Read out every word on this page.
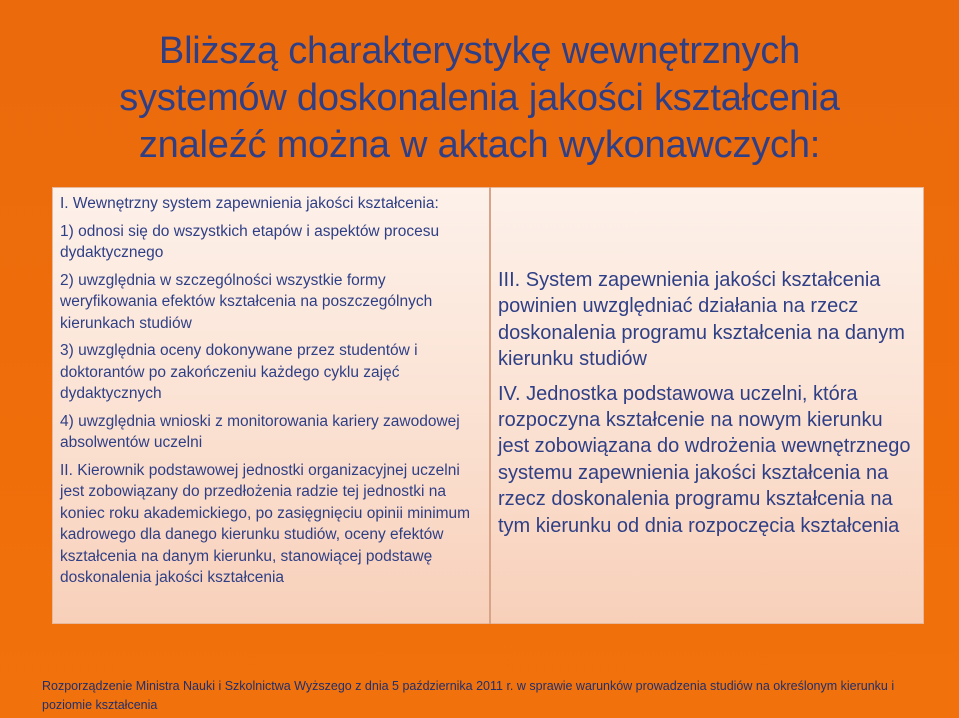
Bliższą charakterystykę wewnętrznych
systemów doskonalenia jakości kształcenia
znaleźć można w aktach wykonawczych:

I. Wewnętrzny system zapewnienia jakości kształcenia:

1) odnosi się do wszystkich etapów i aspektów procesu dydaktycznego

2) uwzględnia w szczególności wszystkie formy weryfikowania efektów kształcenia na poszczególnych kierunkach studiów

3) uwzględnia oceny dokonywane przez studentów i doktorantów po zakończeniu każdego cyklu zajęć dydaktycznych

4) uwzględnia wnioski z monitorowania kariery zawodowej absolwentów uczelni

II. Kierownik podstawowej jednostki organizacyjnej uczelni jest zobowiązany do przedłożenia radzie tej jednostki na koniec roku akademickiego, po zasięgnięciu opinii minimum kadrowego dla danego kierunku studiów, oceny efektów kształcenia na danym kierunku, stanowiącej podstawę doskonalenia jakości kształcenia

III. System zapewnienia jakości kształcenia powinien uwzględniać działania na rzecz doskonalenia programu kształcenia na danym kierunku studiów

IV. Jednostka podstawowa uczelni, która rozpoczyna kształcenie na nowym kierunku jest zobowiązana do wdrożenia wewnętrznego systemu zapewnienia jakości kształcenia na rzecz doskonalenia programu kształcenia na tym kierunku od dnia rozpoczęcia kształcenia

Rozporządzenie Ministra Nauki i Szkolnictwa Wyższego z dnia 5 października 2011 r. w sprawie warunków prowadzenia studiów na określonym kierunku i poziomie kształcenia
